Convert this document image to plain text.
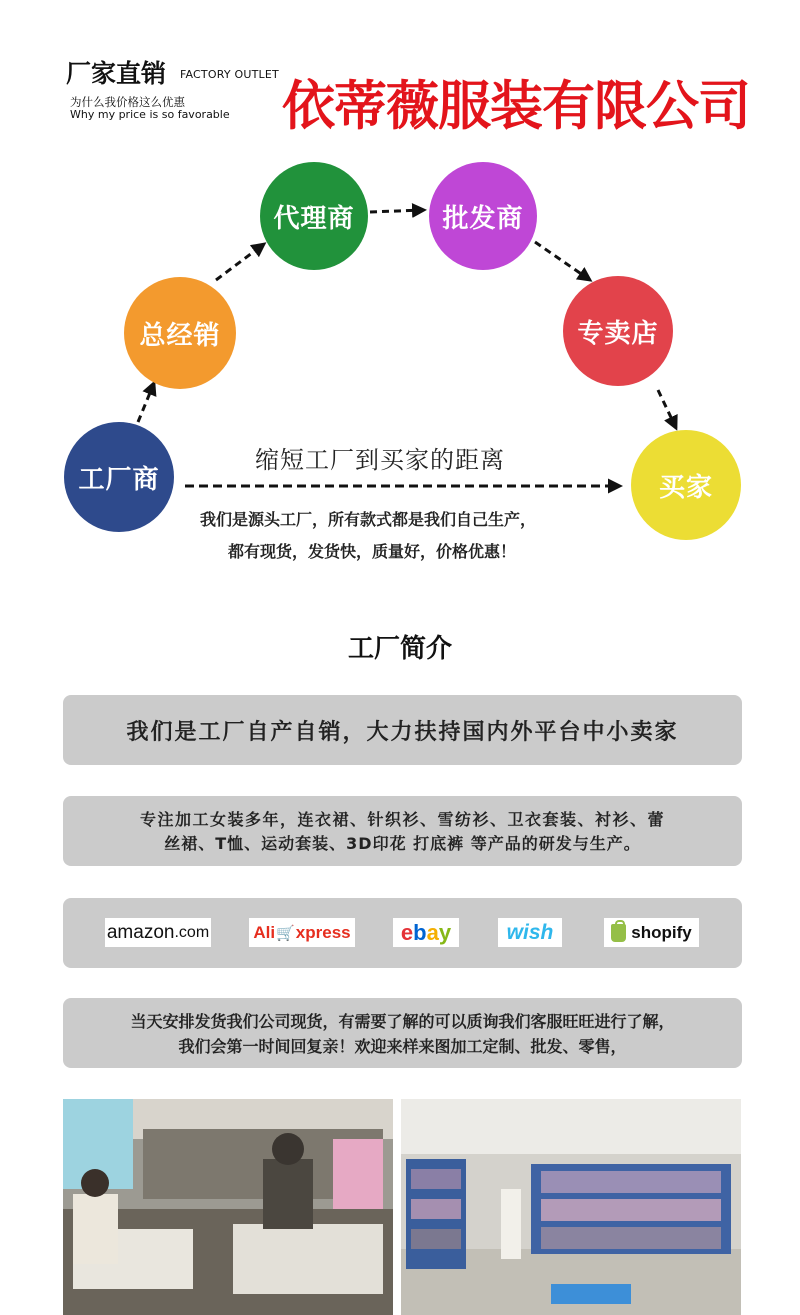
厂家直销 FACTORY OUTLET
为什么我价格这么优惠
Why my price is so favorable 依蒂薇服装有限公司
工厂商
总经销
代理商	批发商
专卖店
买家
缩短工厂到买家的距离
我们是源头工厂，所有款式都是我们自己生产，
都有现货，发货快，质量好，价格优惠！
工厂简介
我们是工厂自产自销，大力扶持国内外平台中小卖家
专注加工女装多年，连衣裙、针织衫、雪纺衫、卫衣套装、衬衫、蕾
丝裙、T恤、运动套装、3D印花 打底裤 等产品的研发与生产。
amazon .com	Ali 🛒 xpress e b a y	wish	shopify
当天安排发货我们公司现货，有需要了解的可以质询我们客服旺旺进行了解，
我们会第一时间回复亲！欢迎来样来图加工定制、批发、零售，
